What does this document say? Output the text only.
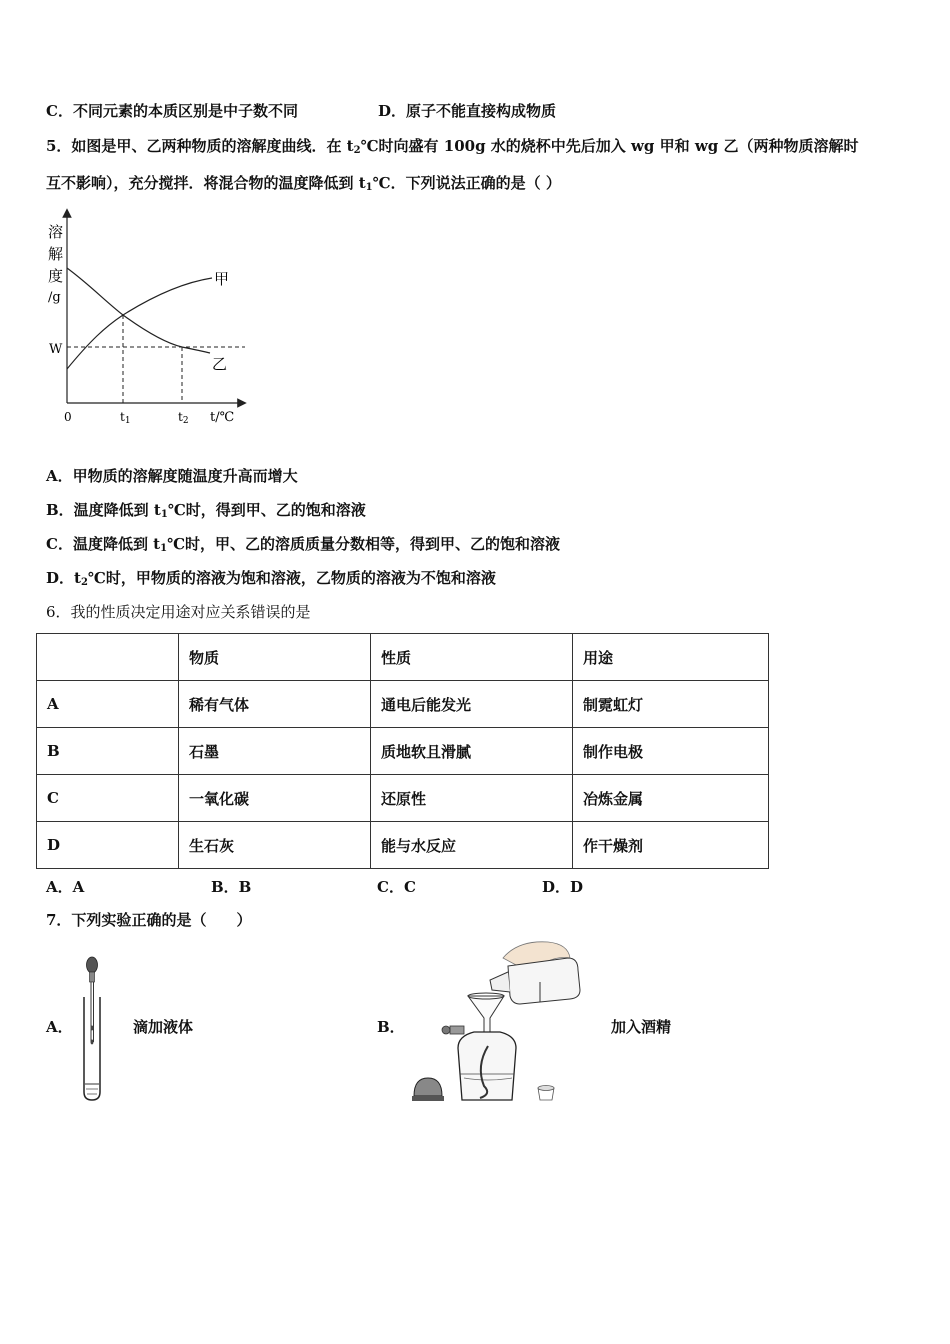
C．不同元素的本质区别是中子数不同	D．原子不能直接构成物质
5．如图是甲、乙两种物质的溶解度曲线．在 $t_2℃$时向盛有 100g 水的烧杯中先后加入 wg 甲和 wg 乙（两种物质溶解时
互不影响），充分搅拌．将混合物的温度降低到 $t_1℃$．下列说法正确的是（ ）
溶
解
度
/g
W
甲
乙
0	t1	t2 t/℃
A．甲物质的溶解度随温度升高而增大
B．温度降低到 $t_1℃$时，得到甲、乙的饱和溶液
C．温度降低到 $t_1℃$时，甲、乙的溶质质量分数相等，得到甲、乙的饱和溶液
D．$t_2℃$时，甲物质的溶液为饱和溶液，乙物质的溶液为不饱和溶液
6．我的性质决定用途对应关系错误的是
	物质	性质	用途
A	稀有气体	通电后能发光	制霓虹灯
B	石墨	质地软且滑腻	制作电极
C	一氧化碳	还原性	冶炼金属
D	生石灰	能与水反应	作干燥剂
A．A	B．B	C．C	D．D
7．下列实验正确的是（　　）
A．	滴加液体	B．	加入酒精
